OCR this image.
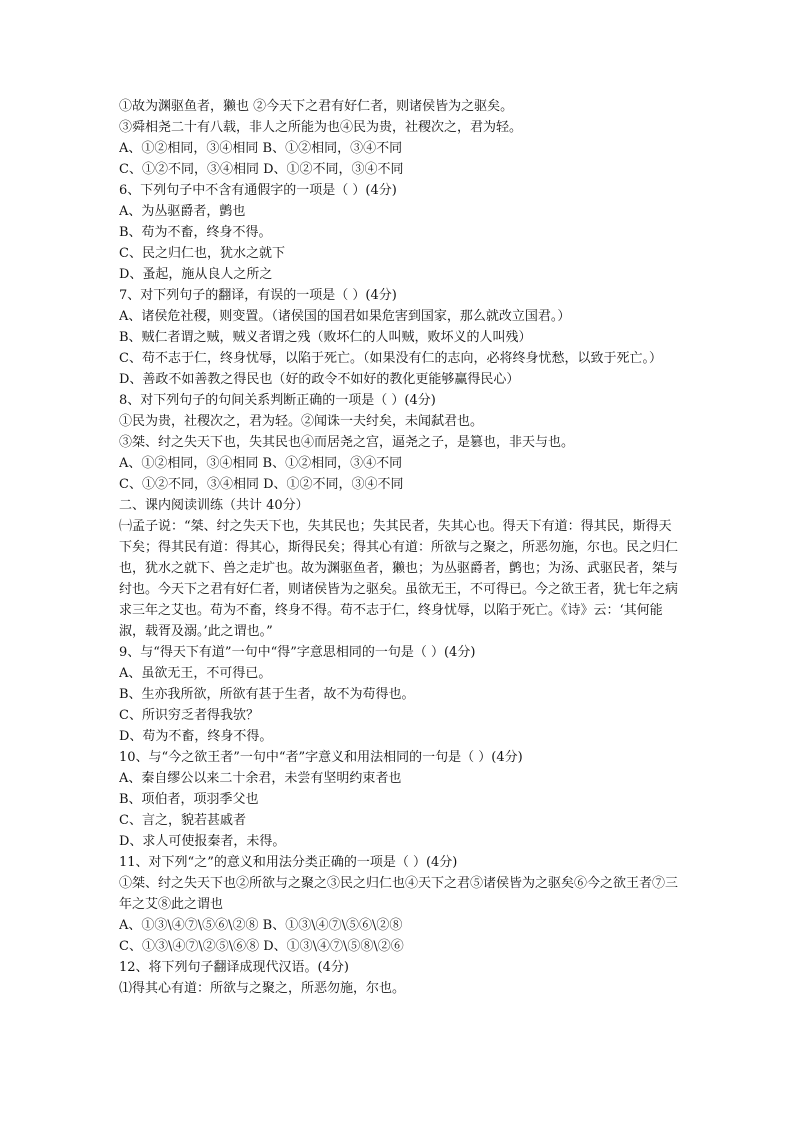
①故为渊驱鱼者，獭也 ②今天下之君有好仁者，则诸侯皆为之驱矣。
③舜相尧二十有八载，非人之所能为也④民为贵，社稷次之，君为轻。
A、①②相同，③④相同 B、①②相同，③④不同
C、①②不同，③④相同 D、①②不同，③④不同
6、下列句子中不含有通假字的一项是（ ）(4分)
A、为丛驱爵者，鹯也
B、苟为不畜，终身不得。
C、民之归仁也，犹水之就下
D、蚤起，施从良人之所之
7、对下列句子的翻译，有误的一项是（ ）(4分)
A、诸侯危社稷，则变置。（诸侯国的国君如果危害到国家，那么就改立国君。）
B、贼仁者谓之贼，贼义者谓之残（败坏仁的人叫贼，败坏义的人叫残）
C、苟不志于仁，终身忧辱，以陷于死亡。（如果没有仁的志向，必将终身忧愁，以致于死亡。）
D、善政不如善教之得民也（好的政令不如好的教化更能够赢得民心）
8、对下列句子的句间关系判断正确的一项是（ ）(4分)
①民为贵，社稷次之，君为轻。②闻诛一夫纣矣，未闻弑君也。
③桀、纣之失天下也，失其民也④而居尧之宫，逼尧之子，是篡也，非天与也。
A、①②相同，③④相同 B、①②相同，③④不同
C、①②不同，③④相同 D、①②不同，③④不同
二、课内阅读训练（共计 40分）
㈠孟子说：“桀、纣之失天下也，失其民也；失其民者，失其心也。得天下有道：得其民，斯得天下矣；得其民有道：得其心，斯得民矣；得其心有道：所欲与之聚之，所恶勿施，尔也。民之归仁也，犹水之就下、兽之走圹也。故为渊驱鱼者，獭也；为丛驱爵者，鹯也；为汤、武驱民者，桀与纣也。今天下之君有好仁者，则诸侯皆为之驱矣。虽欲无王，不可得已。今之欲王者，犹七年之病求三年之艾也。苟为不畜，终身不得。苟不志于仁，终身忧辱，以陷于死亡。《诗》云：‘其何能淑，载胥及溺。’此之谓也。”
9、与“得天下有道”一句中“得”字意思相同的一句是（ ）(4分)
A、虽欲无王，不可得已。
B、生亦我所欲，所欲有甚于生者，故不为苟得也。
C、所识穷乏者得我欤？
D、苟为不畜，终身不得。
10、与“今之欲王者”一句中“者”字意义和用法相同的一句是（ ）(4分)
A、秦自缪公以来二十余君，未尝有坚明约束者也
B、项伯者，项羽季父也
C、言之，貌若甚戚者
D、求人可使报秦者，未得。
11、对下列“之”的意义和用法分类正确的一项是（ ）(4分)
①桀、纣之失天下也②所欲与之聚之③民之归仁也④天下之君⑤诸侯皆为之驱矣⑥今之欲王者⑦三年之艾⑧此之谓也
A、①③\④⑦\⑤⑥\②⑧ B、①③\④⑦\⑤⑥\②⑧
C、①③\④⑦\②⑤\⑥⑧ D、①③\④⑦\⑤⑧\②⑥
12、将下列句子翻译成现代汉语。(4分)
⑴得其心有道：所欲与之聚之，所恶勿施，尔也。
